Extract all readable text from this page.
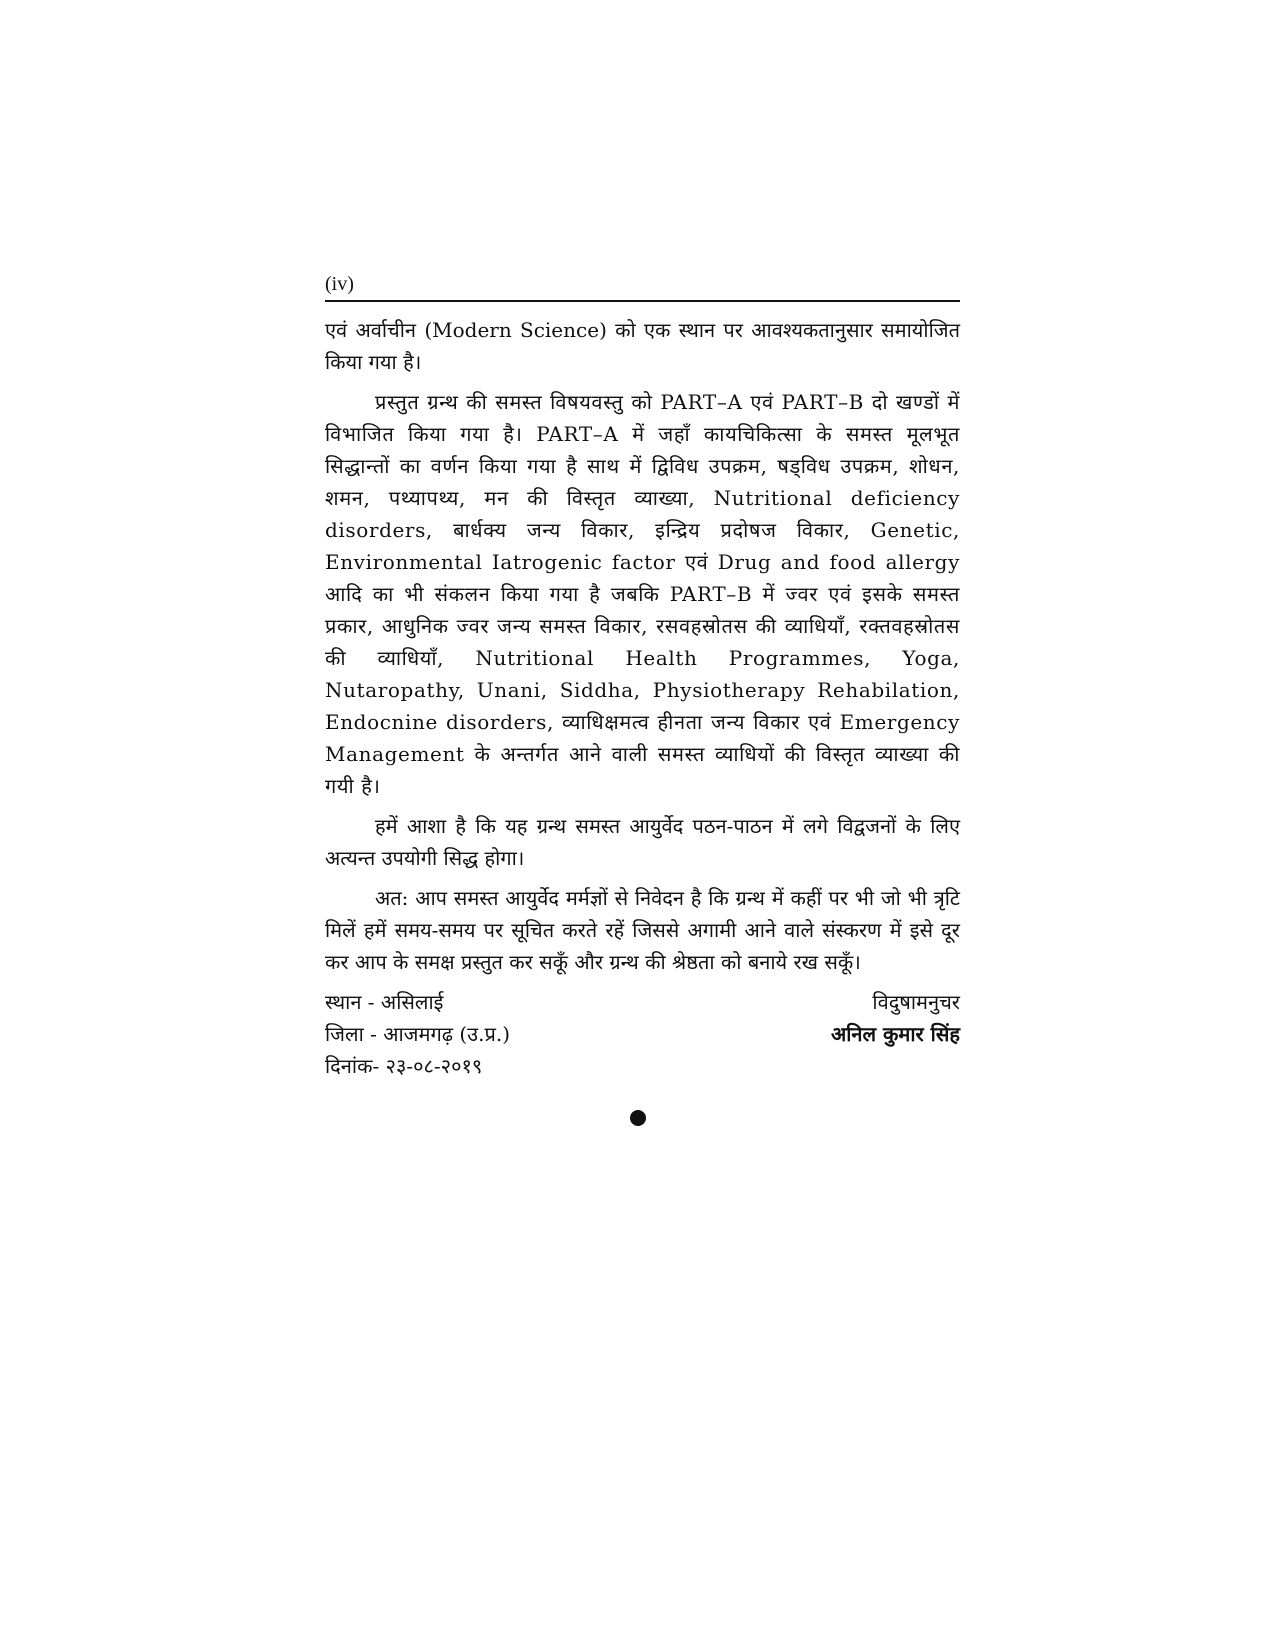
(iv)

एवं अर्वाचीन (Modern Science) को एक स्थान पर आवश्यकतानुसार समायोजित किया गया है।

प्रस्तुत ग्रन्थ की समस्त विषयवस्तु को PART–A एवं PART–B दो खण्डों में विभाजित किया गया है। PART–A में जहाँ कायचिकित्सा के समस्त मूलभूत सिद्धान्तों का वर्णन किया गया है साथ में द्विविध उपक्रम, षड्विध उपक्रम, शोधन, शमन, पथ्यापथ्य, मन की विस्तृत व्याख्या, Nutritional deficiency disorders, बार्धक्य जन्य विकार, इन्द्रिय प्रदोषज विकार, Genetic, Environmental Iatrogenic factor एवं Drug and food allergy आदि का भी संकलन किया गया है जबकि PART–B में ज्वर एवं इसके समस्त प्रकार, आधुनिक ज्वर जन्य समस्त विकार, रसवहस्रोतस की व्याधियाँ, रक्तवहस्रोतस की व्याधियाँ, Nutritional Health Programmes, Yoga, Nutaropathy, Unani, Siddha, Physiotherapy Rehabilation, Endocnine disorders, व्याधिक्षमत्व हीनता जन्य विकार एवं Emergency Management के अन्तर्गत आने वाली समस्त व्याधियों की विस्तृत व्याख्या की गयी है।

हमें आशा है कि यह ग्रन्थ समस्त आयुर्वेद पठन-पाठन में लगे विद्वजनों के लिए अत्यन्त उपयोगी सिद्ध होगा।

अत: आप समस्त आयुर्वेद मर्मज्ञों से निवेदन है कि ग्रन्थ में कहीं पर भी जो भी त्रृटि मिलें हमें समय-समय पर सूचित करते रहें जिससे अगामी आने वाले संस्करण में इसे दूर कर आप के समक्ष प्रस्तुत कर सकूँ और ग्रन्थ की श्रेष्ठता को बनाये रख सकूँ।

स्थान - असिलाई
जिला - आजमगढ़ (उ.प्र.)
दिनांक- २३-०८-२०१९
विदुषामनुचर
अनिल कुमार सिंह
